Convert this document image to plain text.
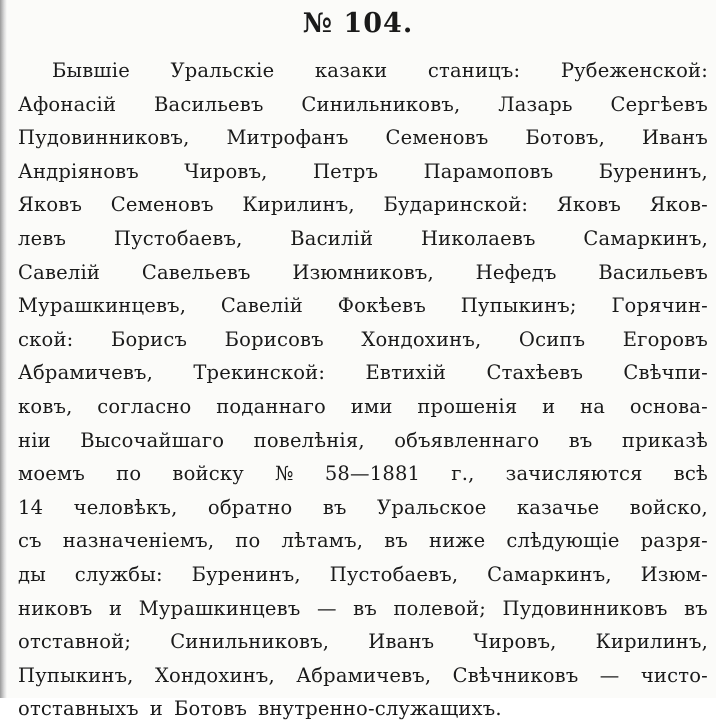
№ 104.
Бывшіе Уральскіе казаки станицъ: Рубеженской:
Афонасій Васильевъ Синильниковъ, Лазарь Сергѣевъ
Пудовинниковъ, Митрофанъ Семеновъ Ботовъ, Иванъ
Андріяновъ Чировъ, Петръ Парамоповъ Буренинъ,
Яковъ Семеновъ Кирилинъ, Бударинской: Яковъ Яков-
левъ Пустобаевъ, Василій Николаевъ Самаркинъ,
Савелій Савельевъ Изюмниковъ, Нефедъ Васильевъ
Мурашкинцевъ, Савелій Фокѣевъ Пупыкинъ; Горячин-
ской: Борисъ Борисовъ Хондохинъ, Осипъ Егоровъ
Абрамичевъ, Трекинской: Евтихій Стахѣевъ Свѣчпи-
ковъ, согласно поданнаго ими прошенія и на основа-
ніи Высочайшаго повелѣнія, объявленнаго въ приказѣ
моемъ по войску № 58—1881 г., зачисляются всѣ
14 человѣкъ, обратно въ Уральское казачье войско,
съ назначеніемъ, по лѣтамъ, въ ниже слѣдующіе разря-
ды службы: Буренинъ, Пустобаевъ, Самаркинъ, Изюм-
никовъ и Мурашкинцевъ — въ полевой; Пудовинниковъ въ
отставной; Синильниковъ, Иванъ Чировъ, Кирилинъ,
Пупыкинъ, Хондохинъ, Абрамичевъ, Свѣчниковъ — чисто-
отставныхъ и Ботовъ внутренно-служащихъ.
